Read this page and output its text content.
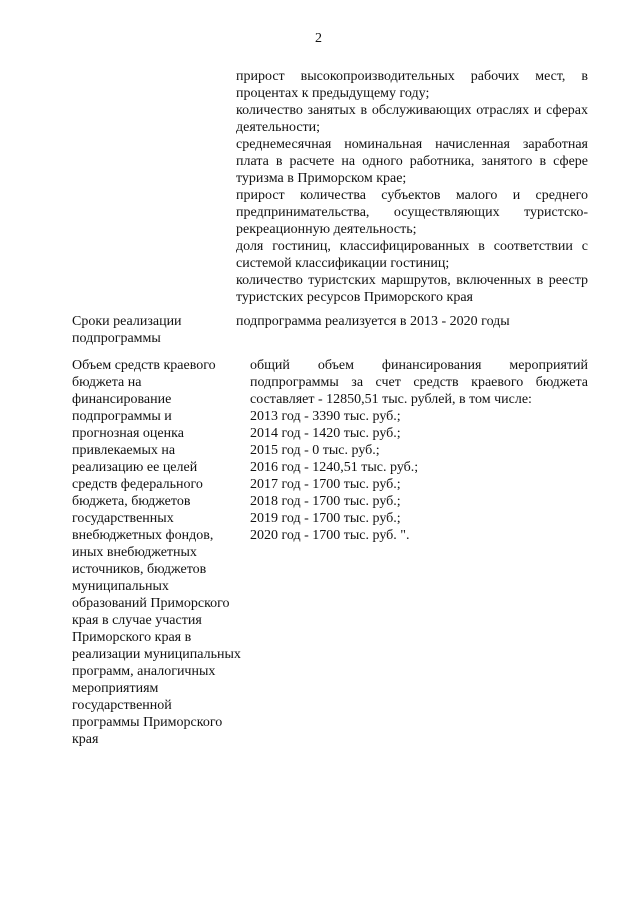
2

прирост высокопроизводительных рабочих мест, в процентах к предыдущему году;

количество занятых в обслуживающих отраслях и сферах деятельности;

среднемесячная номинальная начисленная заработная плата в расчете на одного работника, занятого в сфере туризма в Приморском крае;

прирост количества субъектов малого и среднего предпринимательства, осуществляющих туристско-рекреационную деятельность;

доля гостиниц, классифицированных в соответствии с системой классификации гостиниц;

количество туристских маршрутов, включенных в реестр туристских ресурсов Приморского края

Сроки реализации подпрограммы
подпрограмма реализуется в 2013 - 2020 годы
Объем средств краевого бюджета на финансирование подпрограммы и прогнозная оценка привлекаемых на реализацию ее целей средств федерального бюджета, бюджетов государственных внебюджетных фондов, иных внебюджетных источников, бюджетов муниципальных образований Приморского края в случае участия Приморского края в реализации муниципальных программ, аналогичных мероприятиям государственной программы Приморского края

общий объем финансирования мероприятий подпрограммы за счет средств краевого бюджета составляет - 12850,51 тыс. рублей, в том числе:

2013 год - 3390 тыс. руб.;
2014 год - 1420 тыс. руб.;
2015 год - 0 тыс. руб.;
2016 год - 1240,51 тыс. руб.;
2017 год - 1700 тыс. руб.;
2018 год - 1700 тыс. руб.;
2019 год - 1700 тыс. руб.;
2020 год - 1700 тыс. руб. ".
